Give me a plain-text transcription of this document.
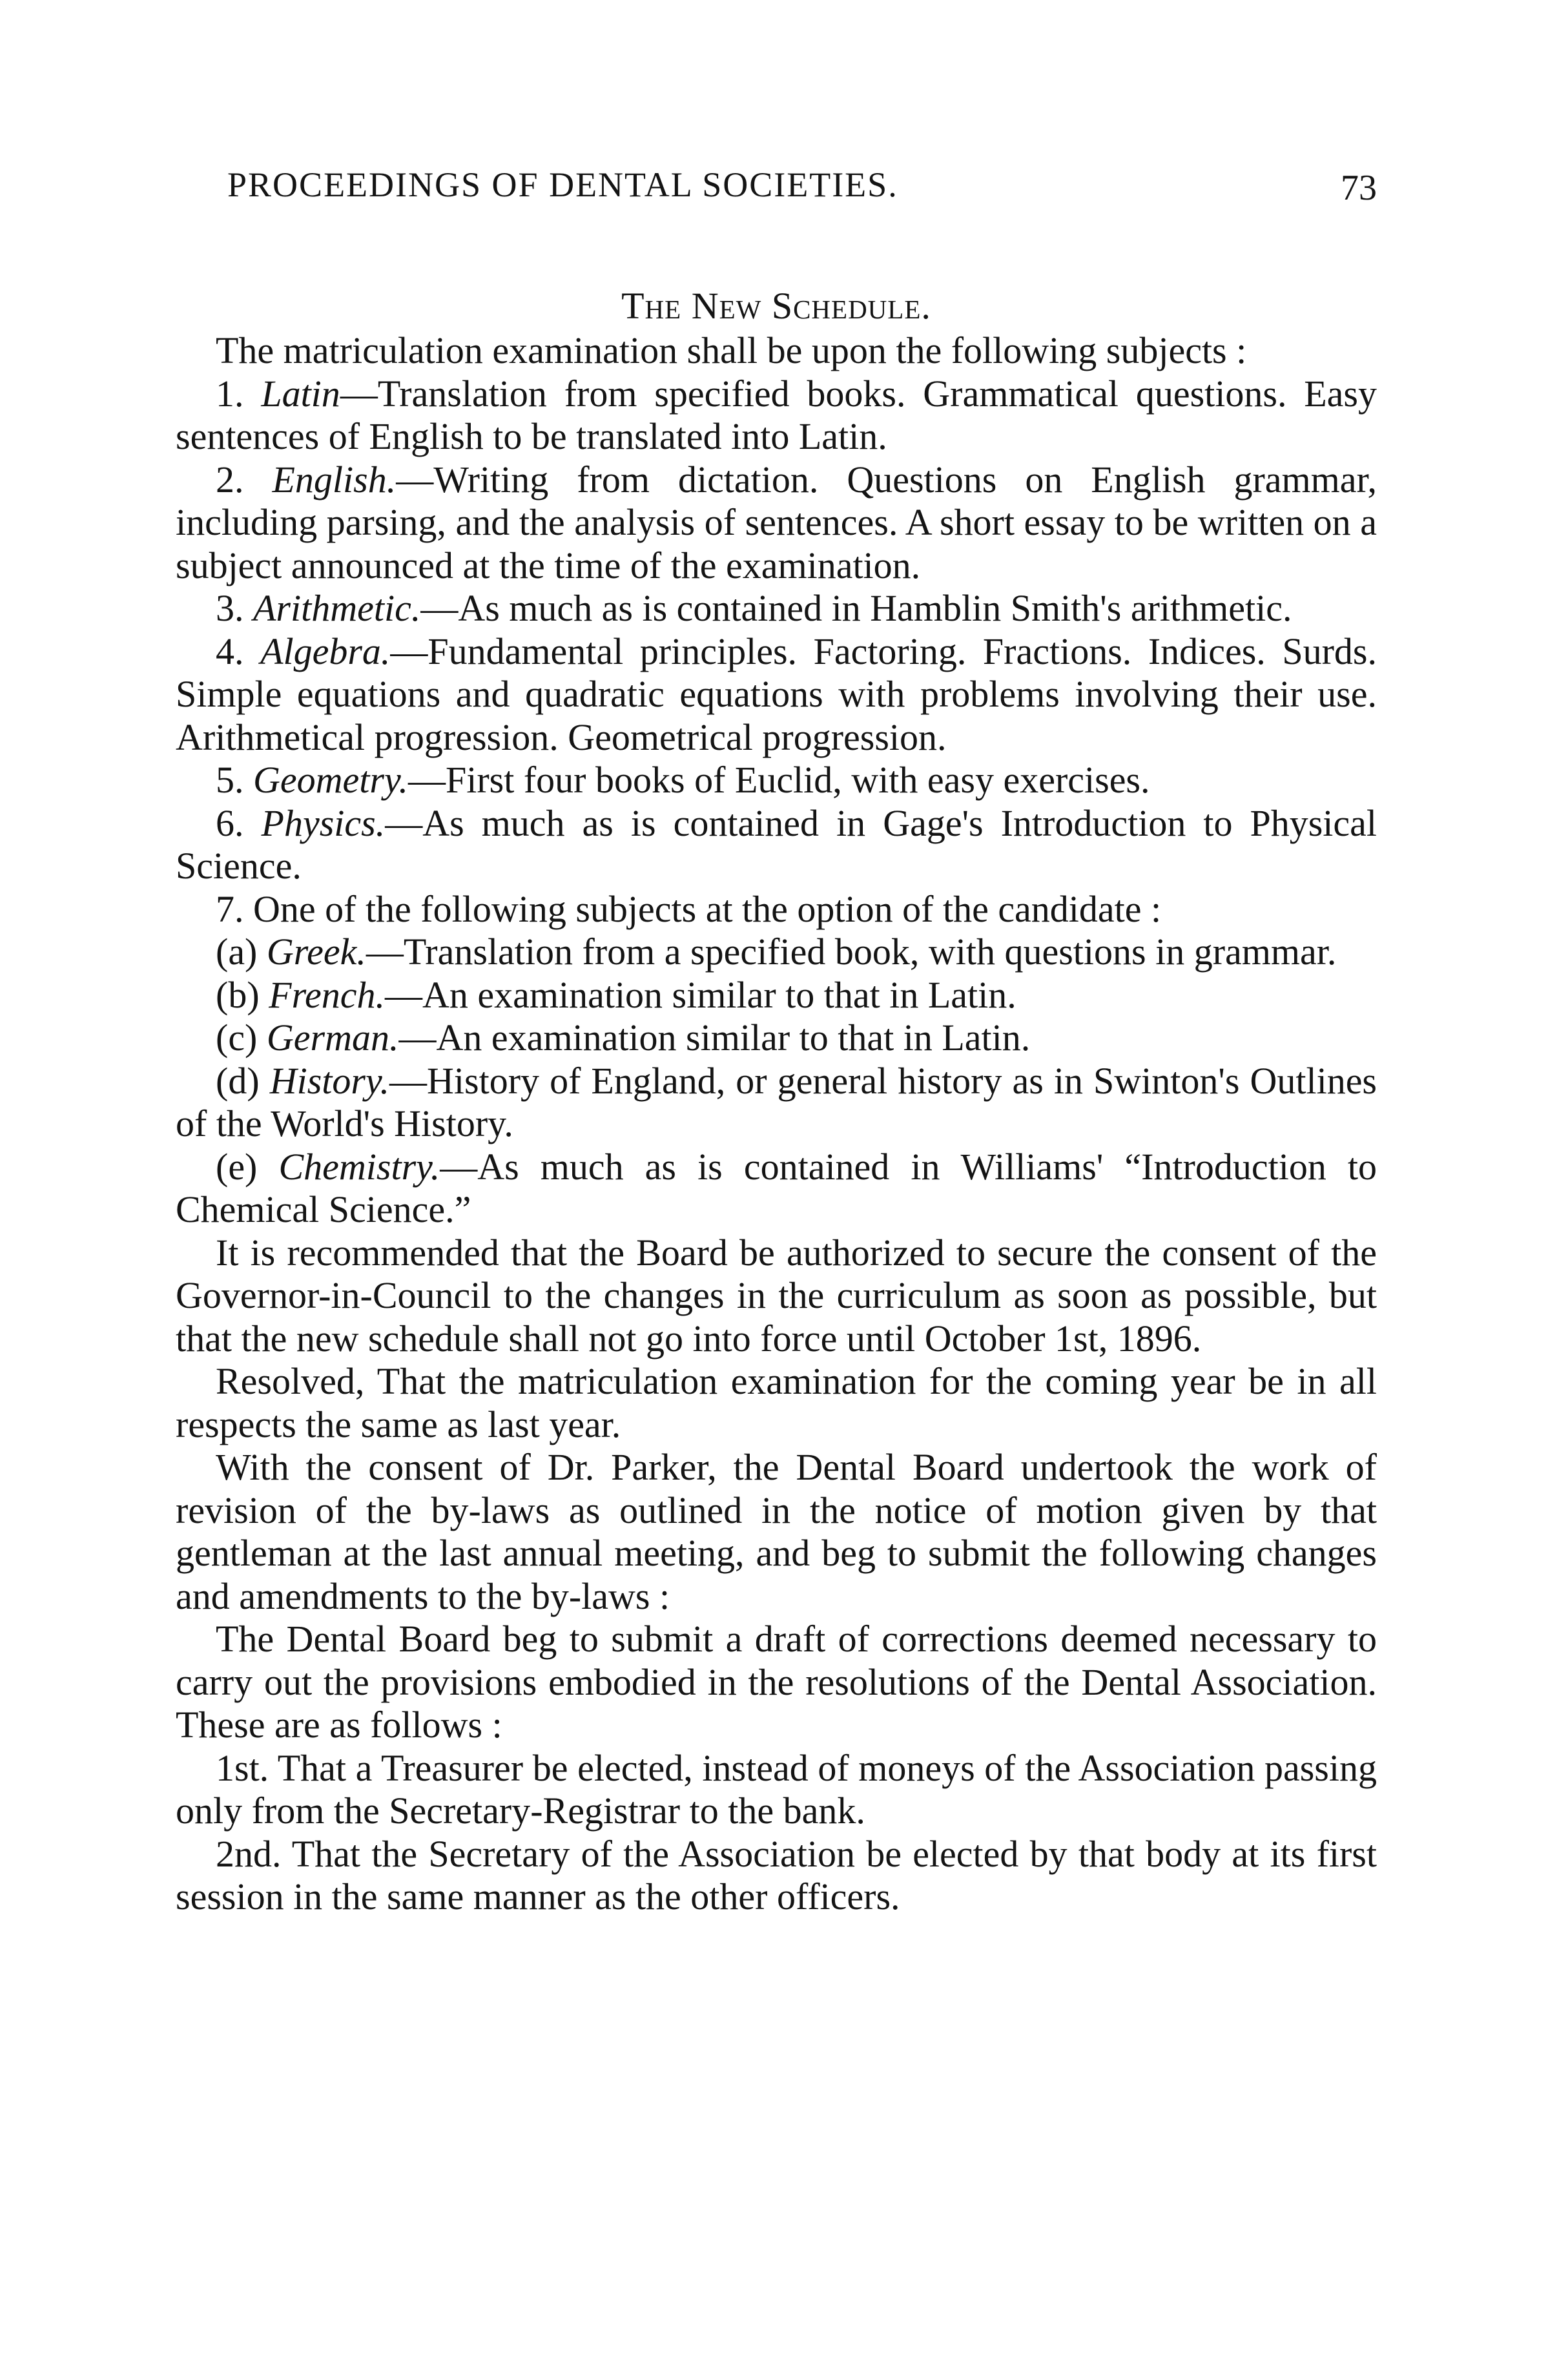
PROCEEDINGS OF DENTAL SOCIETIES.	73
The New Schedule.

The matriculation examination shall be upon the following subjects :

1. Latin—Translation from specified books. Grammatical questions. Easy sentences of English to be translated into Latin.

2. English.—Writing from dictation. Questions on English grammar, including parsing, and the analysis of sentences. A short essay to be written on a subject announced at the time of the examination.

3. Arithmetic.—As much as is contained in Hamblin Smith's arithmetic.

4. Algebra.—Fundamental principles. Factoring. Fractions. Indices. Surds. Simple equations and quadratic equations with problems involving their use. Arithmetical progression. Geometrical progression.

5. Geometry.—First four books of Euclid, with easy exercises.

6. Physics.—As much as is contained in Gage's Introduction to Physical Science.

7. One of the following subjects at the option of the candidate :

(a) Greek.—Translation from a specified book, with questions in grammar.

(b) French.—An examination similar to that in Latin.

(c) German.—An examination similar to that in Latin.

(d) History.—History of England, or general history as in Swinton's Outlines of the World's History.

(e) Chemistry.—As much as is contained in Williams' “Introduction to Chemical Science.”

It is recommended that the Board be authorized to secure the consent of the Governor-in-Council to the changes in the curriculum as soon as possible, but that the new schedule shall not go into force until October 1st, 1896.

Resolved, That the matriculation examination for the coming year be in all respects the same as last year.

With the consent of Dr. Parker, the Dental Board undertook the work of revision of the by-laws as outlined in the notice of motion given by that gentleman at the last annual meeting, and beg to submit the following changes and amendments to the by-laws :

The Dental Board beg to submit a draft of corrections deemed necessary to carry out the provisions embodied in the resolutions of the Dental Association. These are as follows :

1st. That a Treasurer be elected, instead of moneys of the Association passing only from the Secretary-Registrar to the bank.

2nd. That the Secretary of the Association be elected by that body at its first session in the same manner as the other officers.
